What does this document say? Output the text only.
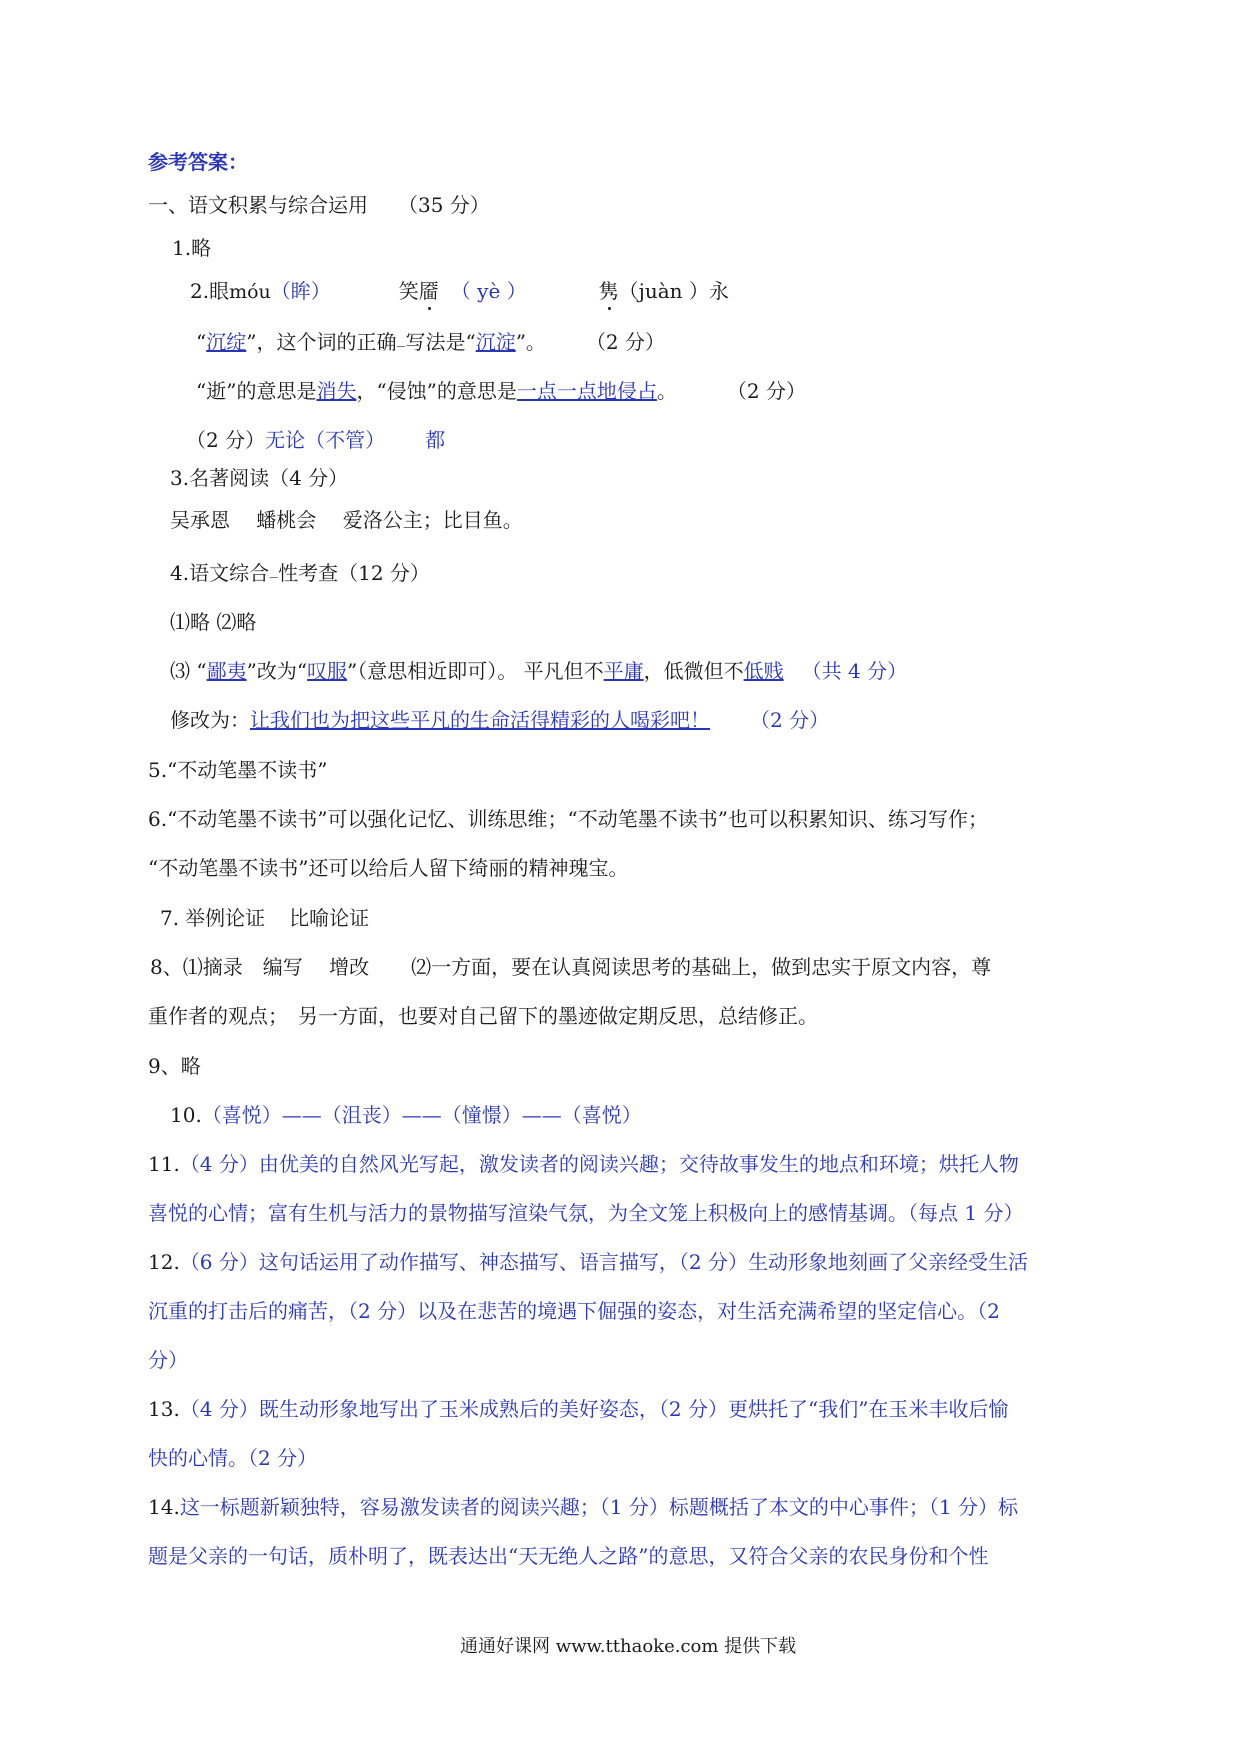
参考答案：
一、语文积累与综合运用 （35 分）
1.略
2.眼móu（眸）	笑靥 （ yè ）	隽（juàn ）永
“沉绽”，这个词的正确—写法是“沉淀”。 （2 分）
“逝”的意思是消失，“侵蚀”的意思是一点一点地侵占。	（2 分）
（2 分）无论（不管） 都
3.名著阅读（4 分）
吴承恩　 蟠桃会　 爱洛公主；比目鱼。
4.语文综合—性考查（12 分）
⑴略 ⑵略
⑶ “鄙夷”改为“叹服”（意思相近即可）。 平凡但不平庸，低微但不低贱 （共 4 分）
修改为：让我们也为把这些平凡的生命活得精彩的人喝彩吧！ （2 分）
5.“不动笔墨不读书”
6.“不动笔墨不读书”可以强化记忆、训练思维；“不动笔墨不读书”也可以积累知识、练习写作；
“不动笔墨不读书”还可以给后人留下绮丽的精神瑰宝。
7. 举例论证 比喻论证
8、⑴摘录　编写　 增改 ⑵一方面，要在认真阅读思考的基础上，做到忠实于原文内容，尊
重作者的观点；　另一方面，也要对自己留下的墨迹做定期反思，总结修正。
9、略
10.（喜悦）——（沮丧）——（憧憬）——（喜悦）
11.（4 分）由优美的自然风光写起，激发读者的阅读兴趣；交待故事发生的地点和环境；烘托人物
喜悦的心情；富有生机与活力的景物描写渲染气氛，为全文笼上积极向上的感情基调。（每点 1 分）
12.（6 分）这句话运用了动作描写、神态描写、语言描写，（2 分）生动形象地刻画了父亲经受生活
沉重的打击后的痛苦，（2 分）以及在悲苦的境遇下倔强的姿态，对生活充满希望的坚定信心。（2
分）
13.（4 分）既生动形象地写出了玉米成熟后的美好姿态，（2 分）更烘托了“我们”在玉米丰收后愉
快的心情。（2 分）
14.这一标题新颖独特，容易激发读者的阅读兴趣；（1 分）标题概括了本文的中心事件；（1 分）标
题是父亲的一句话，质朴明了，既表达出“天无绝人之路”的意思，又符合父亲的农民身份和个性
通通好课网 www.tthaoke.com 提供下载
